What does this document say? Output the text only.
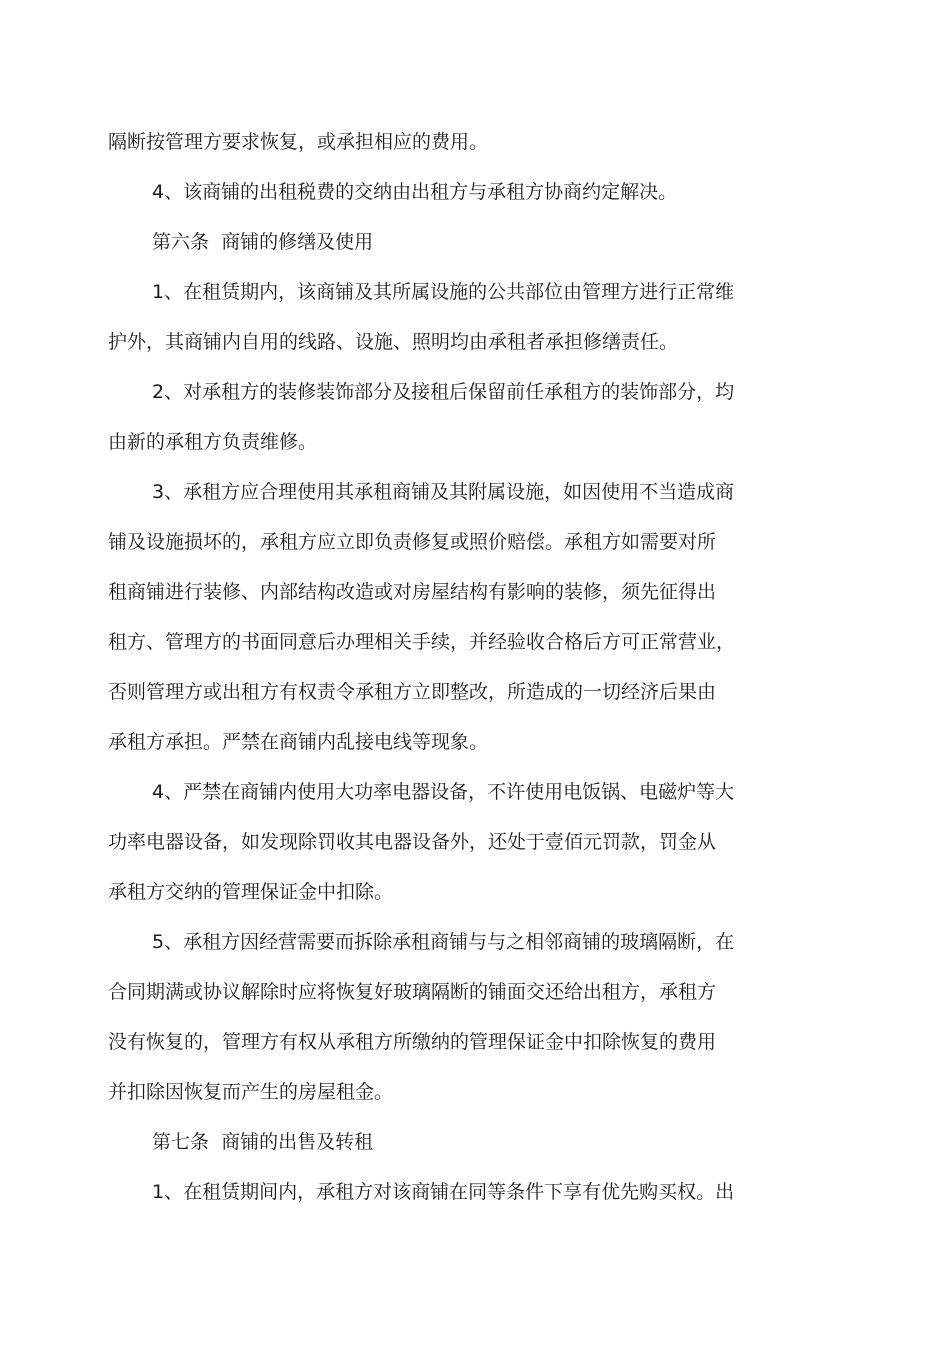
隔断按管理方要求恢复，或承担相应的费用。
4、该商铺的出租税费的交纳由出租方与承租方协商约定解决。
第六条  商铺的修缮及使用
1、在租赁期内，该商铺及其所属设施的公共部位由管理方进行正常维
护外，其商铺内自用的线路、设施、照明均由承租者承担修缮责任。
2、对承租方的装修装饰部分及接租后保留前任承租方的装饰部分，均
由新的承租方负责维修。
3、承租方应合理使用其承租商铺及其附属设施，如因使用不当造成商
铺及设施损坏的，承租方应立即负责修复或照价赔偿。承租方如需要对所
租商铺进行装修、内部结构改造或对房屋结构有影响的装修，须先征得出
租方、管理方的书面同意后办理相关手续，并经验收合格后方可正常营业，
否则管理方或出租方有权责令承租方立即整改，所造成的一切经济后果由
承租方承担。严禁在商铺内乱接电线等现象。
4、严禁在商铺内使用大功率电器设备，不许使用电饭锅、电磁炉等大
功率电器设备，如发现除罚收其电器设备外，还处于壹佰元罚款，罚金从
承租方交纳的管理保证金中扣除。
5、承租方因经营需要而拆除承租商铺与与之相邻商铺的玻璃隔断，在
合同期满或协议解除时应将恢复好玻璃隔断的铺面交还给出租方，承租方
没有恢复的，管理方有权从承租方所缴纳的管理保证金中扣除恢复的费用
并扣除因恢复而产生的房屋租金。
第七条  商铺的出售及转租
1、在租赁期间内，承租方对该商铺在同等条件下享有优先购买权。出
